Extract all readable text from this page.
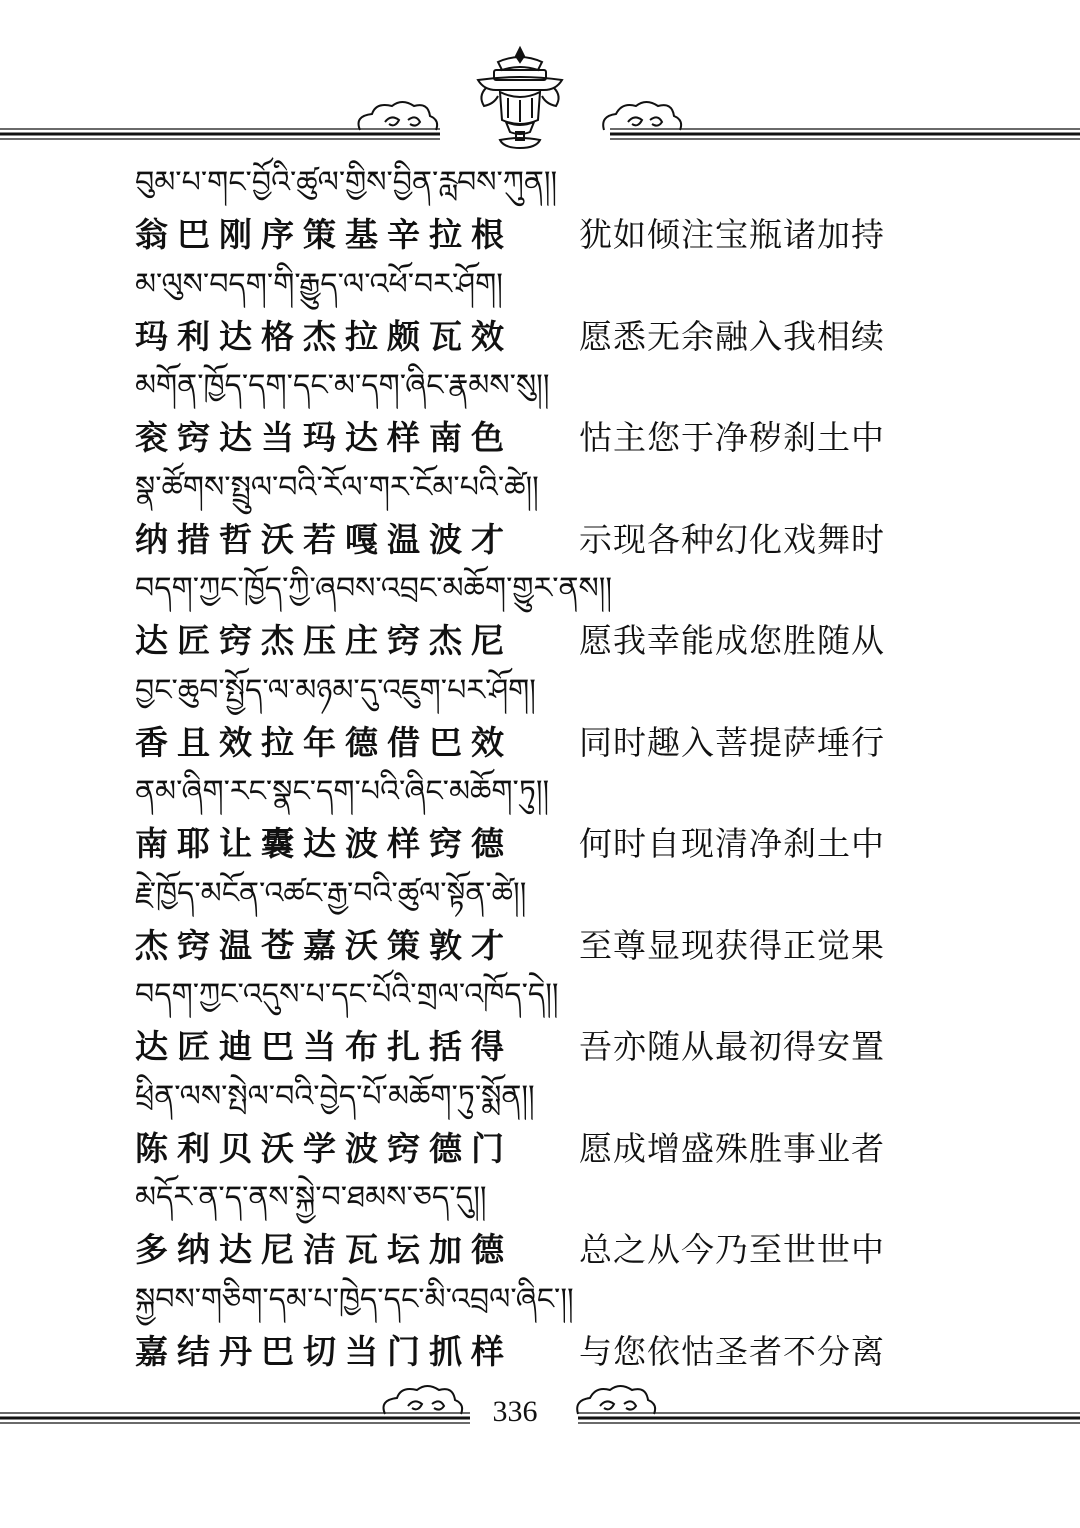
བུམ་པ་གང་བྱོའི་ཚུལ་གྱིས་བྱིན་རླབས་ཀུན།།
翁巴刚序策基辛拉根 犹如倾注宝瓶诸加持
མ་ལུས་བདག་གི་རྒྱུད་ལ་འཕོ་བར་ཤོག།
玛利达格杰拉颇瓦效 愿悉无余融入我相续
མགོན་ཁྱོད་དག་དང་མ་དག་ཞིང་རྣམས་སུ།།
衮窍达当玛达样南色 怙主您于净秽刹土中
སྣ་ཚོགས་སྤྲུལ་བའི་རོལ་གར་ངོམ་པའི་ཚེ།།
纳措哲沃若嘎温波才 示现各种幻化戏舞时
བདག་ཀྱང་ཁྱོད་ཀྱི་ཞབས་འབྲང་མཆོག་གྱུར་ནས།།
达匠窍杰压庄窍杰尼 愿我幸能成您胜随从
བྱང་ཆུབ་སྤྱོད་ལ་མཉམ་དུ་འཇུག་པར་ཤོག།
香且效拉年德借巴效 同时趣入菩提萨埵行
ནམ་ཞིག་རང་སྣང་དག་པའི་ཞིང་མཆོག་ཏུ།།
南耶让囊达波样窍德 何时自现清净刹土中
རྗེ་ཁྱོད་མངོན་འཚང་རྒྱ་བའི་ཚུལ་སྟོན་ཚེ།།
杰窍温苍嘉沃策敦才 至尊显现获得正觉果
བདག་ཀྱང་འདུས་པ་དང་པོའི་གྲལ་འཁོད་དེ།།
达匠迪巴当布扎括得 吾亦随从最初得安置
ཕྲིན་ལས་སྤེལ་བའི་བྱེད་པོ་མཆོག་ཏུ་སྨོན།།
陈利贝沃学波窍德门 愿成增盛殊胜事业者
མདོར་ན་ད་ནས་སྐྱེ་བ་ཐམས་ཅད་དུ།།
多纳达尼洁瓦坛加德 总之从今乃至世世中
སྐྱབས་གཅིག་དམ་པ་ཁྱེད་དང་མི་འབྲལ་ཞིང་།།
嘉结丹巴切当门抓样 与您依怙圣者不分离
336
